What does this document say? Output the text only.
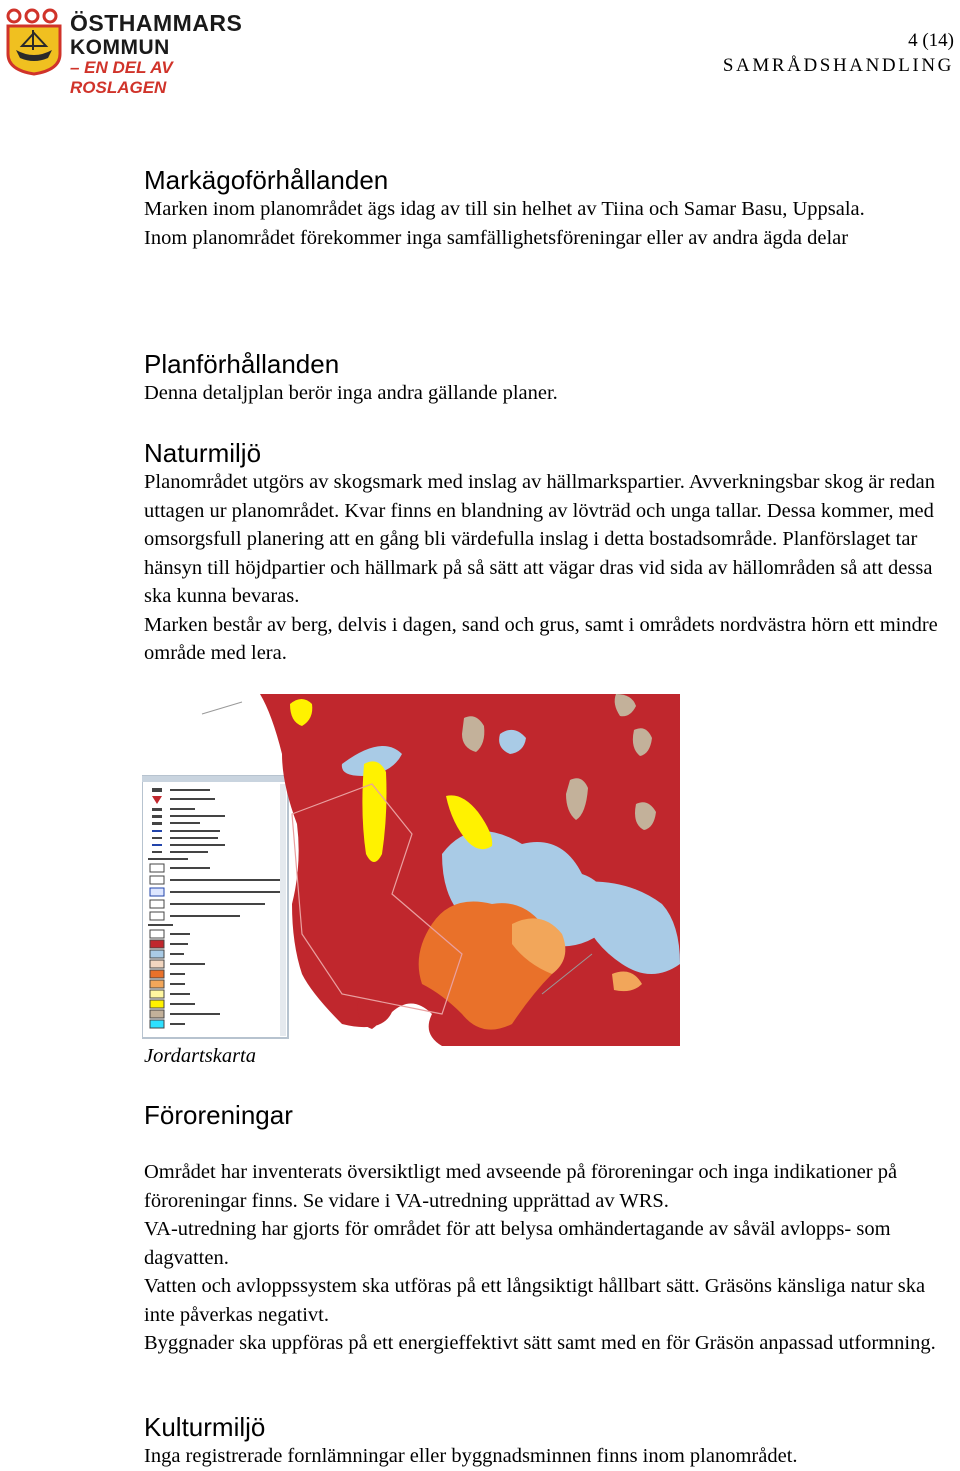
ÖSTHAMMARS
KOMMUN
– EN DEL AV ROSLAGEN
4 (14)
SAMRÅDSHANDLING
Markägoförhållanden

Marken inom planområdet ägs idag av till sin helhet av Tiina och Samar Basu, Uppsala.

Inom planområdet förekommer inga samfällighetsföreningar eller av andra ägda delar

Planförhållanden

Denna detaljplan berör inga andra gällande planer.

Naturmiljö

Planområdet utgörs av skogsmark med inslag av hällmarkspartier. Avverkningsbar skog är redan uttagen ur planområdet. Kvar finns en blandning av lövträd och unga tallar. Dessa kommer, med omsorgsfull planering att en gång bli värdefulla inslag i detta bostadsområde. Planförslaget tar hänsyn till höjdpartier och hällmark på så sätt att vägar dras vid sida av hällområden så att dessa ska kunna bevaras.

Marken består av berg, delvis i dagen, sand och grus, samt i områdets nordvästra hörn ett mindre område med lera.

Jordartskarta
Föroreningar

Området har inventerats översiktligt med avseende på föroreningar och inga indikationer på föroreningar finns. Se vidare i VA-utredning upprättad av WRS.

VA-utredning har gjorts för området för att belysa omhändertagande av såväl avlopps- som dagvatten.

Vatten och avloppssystem ska utföras på ett långsiktigt hållbart sätt. Gräsöns känsliga natur ska inte påverkas negativt.

Byggnader ska uppföras på ett energieffektivt sätt samt med en för Gräsön anpassad utformning.

Kulturmiljö

Inga registrerade fornlämningar eller byggnadsminnen finns inom planområdet.
